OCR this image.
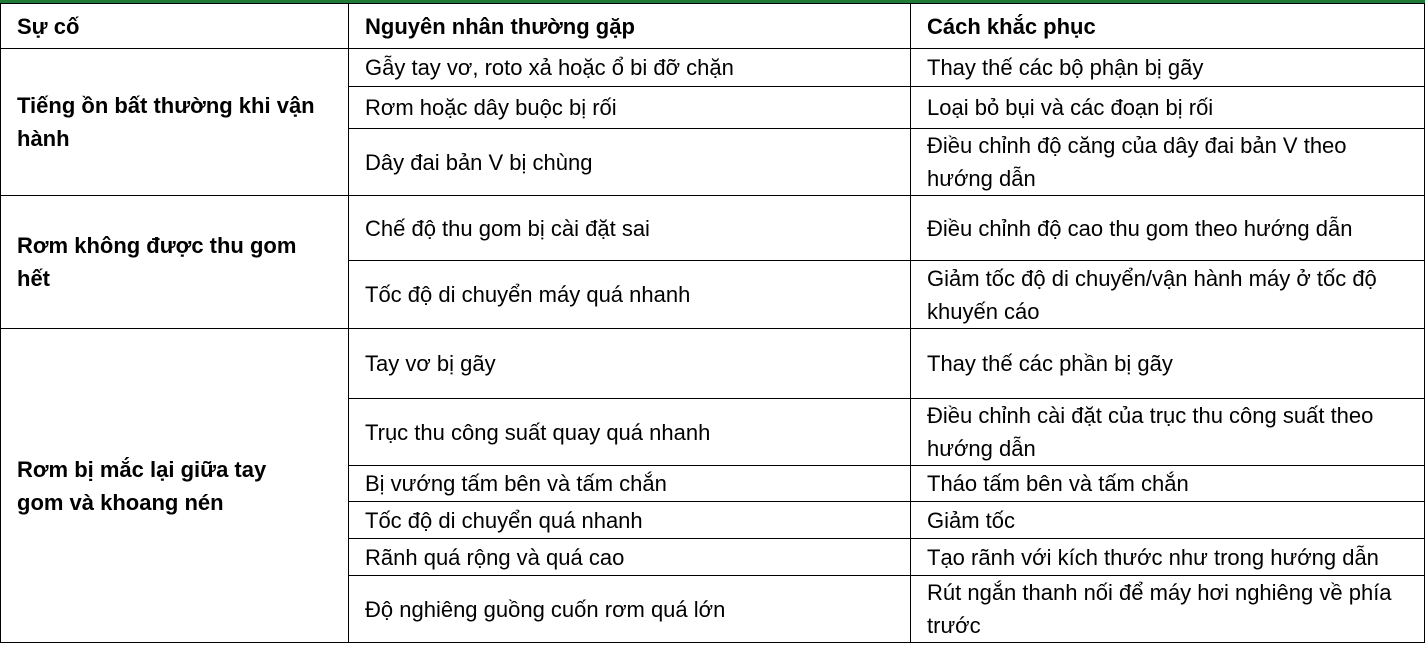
Sự cố	Nguyên nhân thường gặp	Cách khắc phục
Tiếng ồn bất thường khi vận hành	Gẫy tay vơ, roto xả hoặc ổ bi đỡ chặn	Thay thế các bộ phận bị gãy
	Rơm hoặc dây buộc bị rối	Loại bỏ bụi và các đoạn bị rối
	Dây đai bản V bị chùng	Điều chỉnh độ căng của dây đai bản V theo hướng dẫn
Rơm không được thu gom hết	Chế độ thu gom bị cài đặt sai	Điều chỉnh độ cao thu gom theo hướng dẫn
	Tốc độ di chuyển máy quá nhanh	Giảm tốc độ di chuyển/vận hành máy ở tốc độ khuyến cáo
Rơm bị mắc lại giữa tay gom và khoang nén	Tay vơ bị gãy	Thay thế các phần bị gãy
	Trục thu công suất quay quá nhanh	Điều chỉnh cài đặt của trục thu công suất theo hướng dẫn
	Bị vướng tấm bên và tấm chắn	Tháo tấm bên và tấm chắn
	Tốc độ di chuyển quá nhanh	Giảm tốc
	Rãnh quá rộng và quá cao	Tạo rãnh với kích thước như trong hướng dẫn
	Độ nghiêng guồng cuốn rơm quá lớn	Rút ngắn thanh nối để máy hơi nghiêng về phía trước
